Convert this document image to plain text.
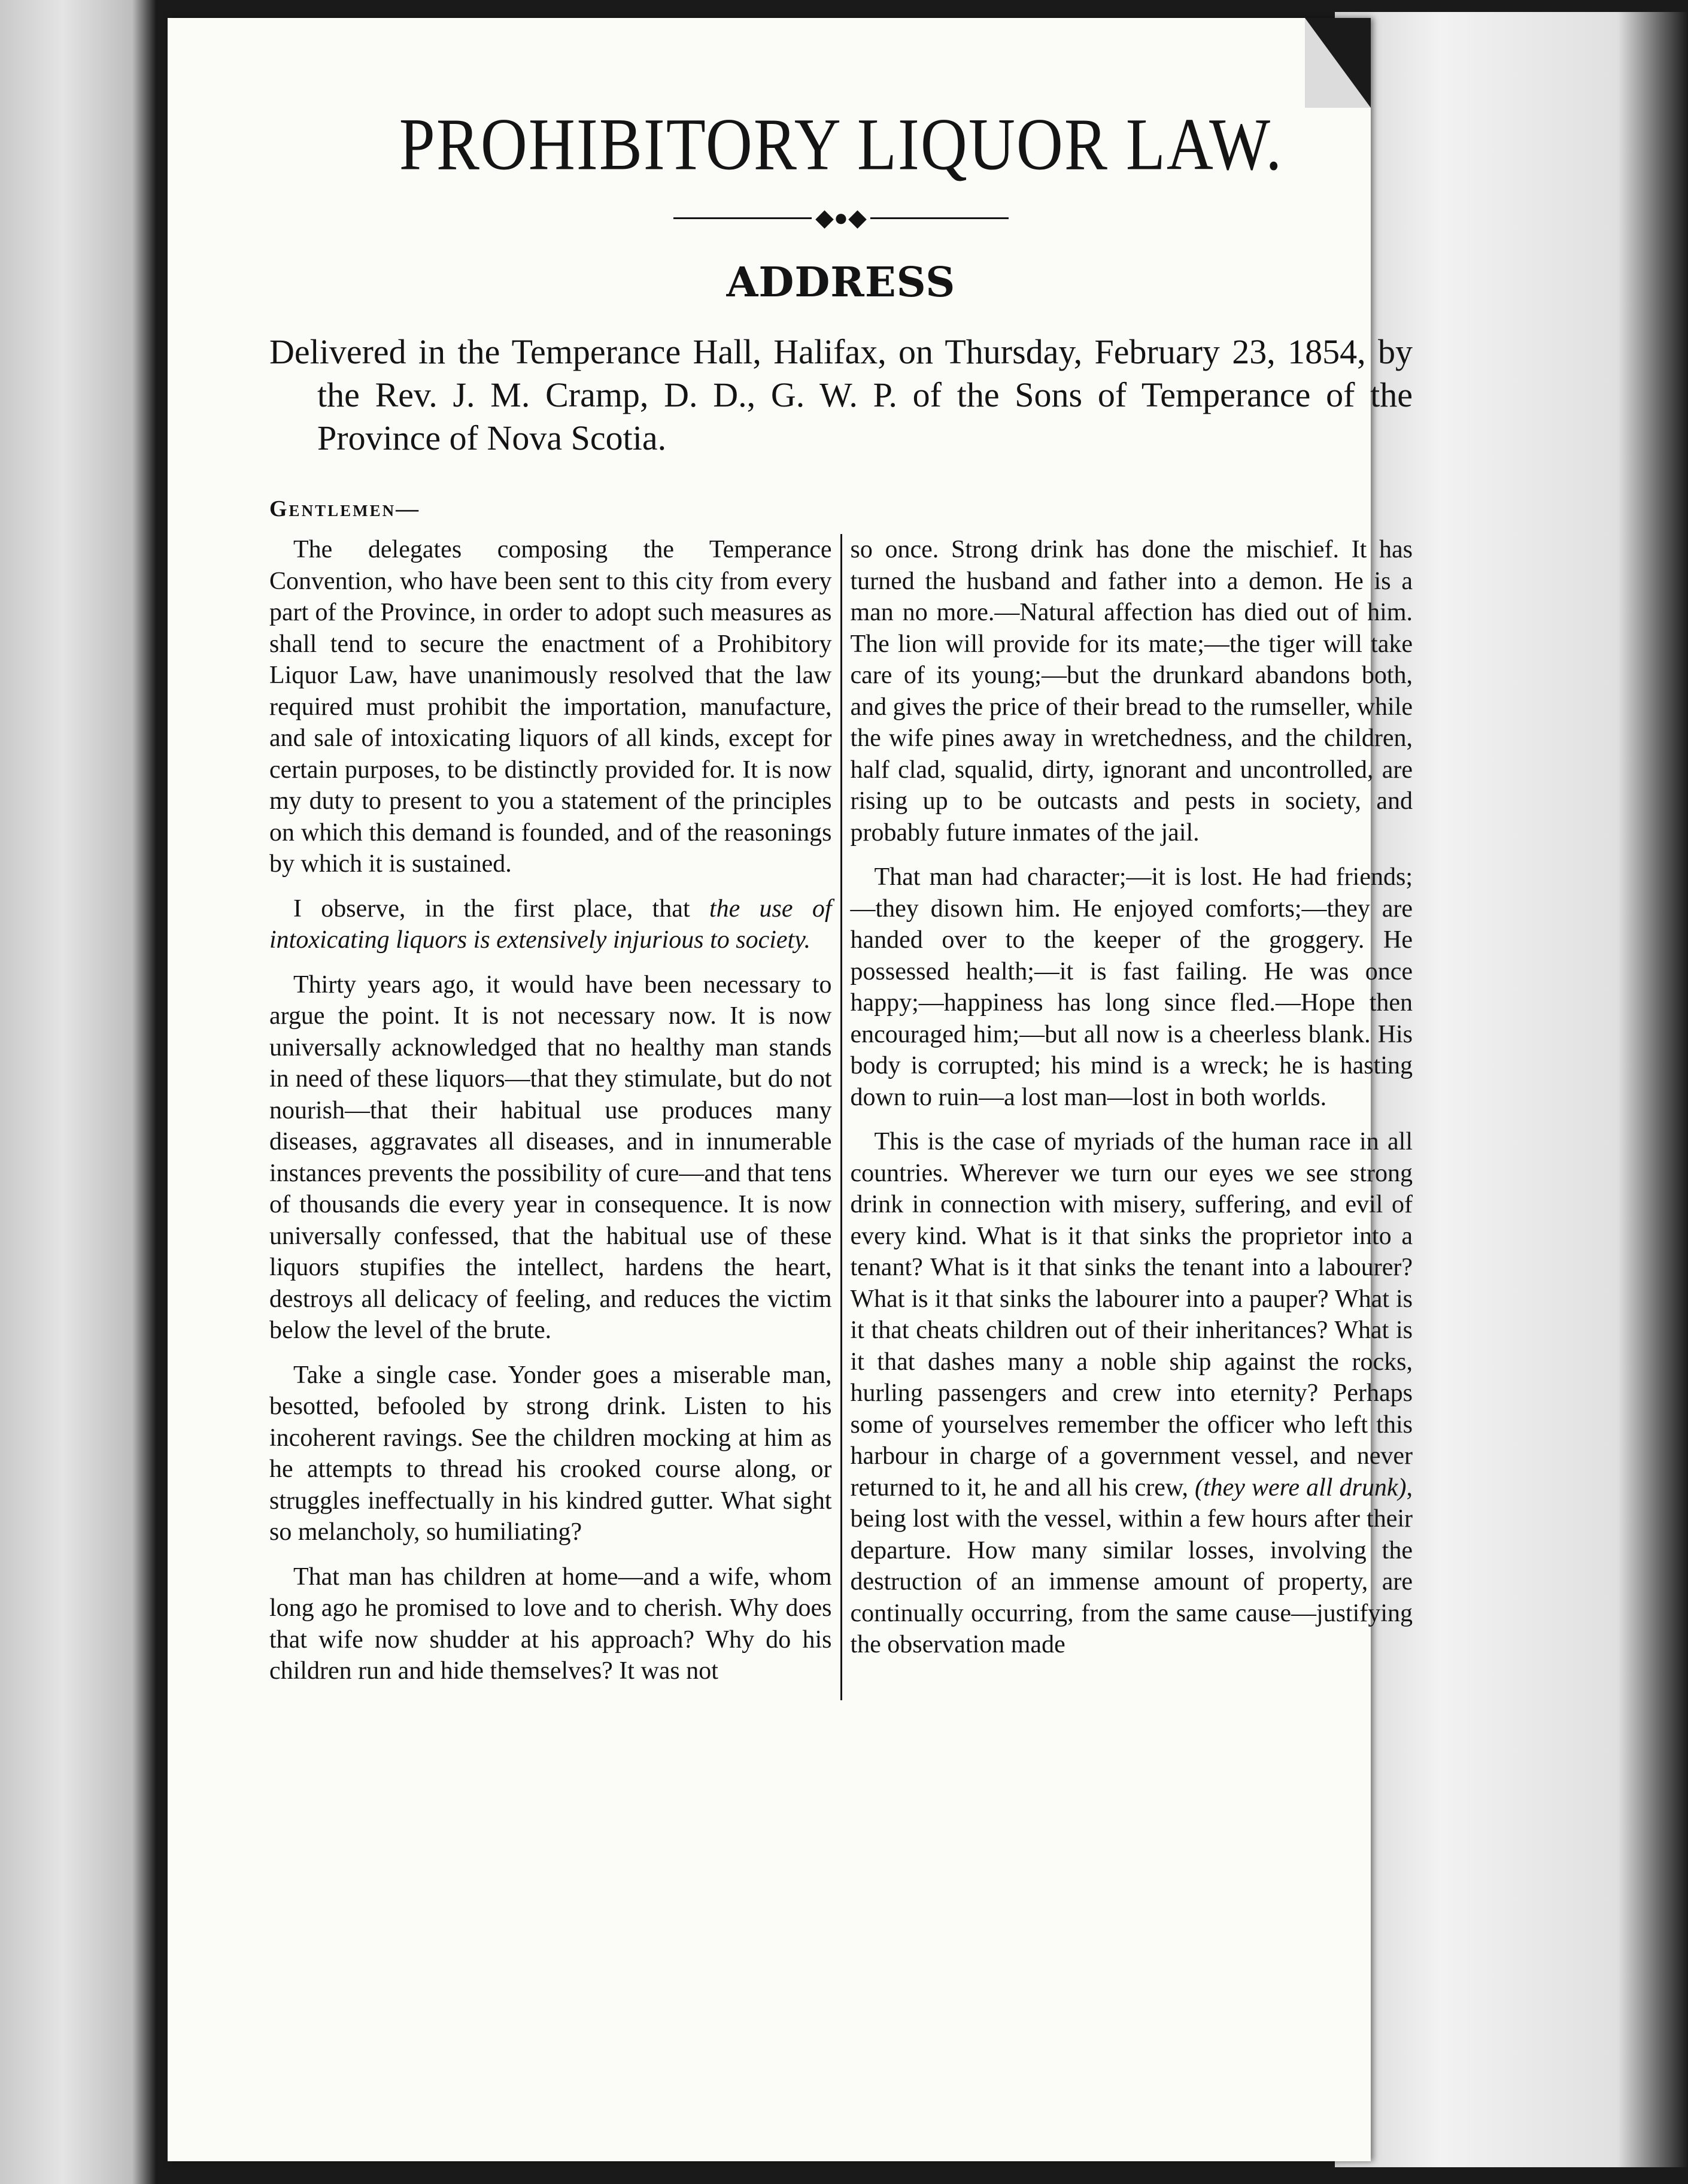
PROHIBITORY LIQUOR LAW.
◆●◆
ADDRESS

Delivered in the Temperance Hall, Halifax, on Thursday, February 23, 1854, by the Rev. J. M. Cramp, D. D., G. W. P. of the Sons of Temperance of the Province of Nova Scotia.

Gentlemen—

The delegates composing the Temperance Convention, who have been sent to this city from every part of the Province, in order to adopt such measures as shall tend to secure the enactment of a Prohibitory Liquor Law, have unanimously resolved that the law required must prohibit the importation, manufacture, and sale of intoxicating liquors of all kinds, except for certain purposes, to be distinctly provided for. It is now my duty to present to you a statement of the principles on which this demand is founded, and of the reasonings by which it is sustained.

I observe, in the first place, that the use of intoxicating liquors is extensively injurious to society.

Thirty years ago, it would have been necessary to argue the point. It is not necessary now. It is now universally acknowledged that no healthy man stands in need of these liquors—that they stimulate, but do not nourish—that their habitual use produces many diseases, aggravates all diseases, and in innumerable instances prevents the possibility of cure—and that tens of thousands die every year in consequence. It is now universally confessed, that the habitual use of these liquors stupifies the intellect, hardens the heart, destroys all delicacy of feeling, and reduces the victim below the level of the brute.

Take a single case. Yonder goes a miserable man, besotted, befooled by strong drink. Listen to his incoherent ravings. See the children mocking at him as he attempts to thread his crooked course along, or struggles ineffectually in his kindred gutter. What sight so melancholy, so humiliating?

That man has children at home—and a wife, whom long ago he promised to love and to cherish. Why does that wife now shudder at his approach? Why do his children run and hide themselves? It was not

so once. Strong drink has done the mischief. It has turned the husband and father into a demon. He is a man no more.—Natural affection has died out of him. The lion will provide for its mate;—the tiger will take care of its young;—but the drunkard abandons both, and gives the price of their bread to the rumseller, while the wife pines away in wretchedness, and the children, half clad, squalid, dirty, ignorant and uncontrolled, are rising up to be outcasts and pests in society, and probably future inmates of the jail.

That man had character;—it is lost. He had friends;—they disown him. He enjoyed comforts;—they are handed over to the keeper of the groggery. He possessed health;—it is fast failing. He was once happy;—happiness has long since fled.—Hope then encouraged him;—but all now is a cheerless blank. His body is corrupted; his mind is a wreck; he is hasting down to ruin—a lost man—lost in both worlds.

This is the case of myriads of the human race in all countries. Wherever we turn our eyes we see strong drink in connection with misery, suffering, and evil of every kind. What is it that sinks the proprietor into a tenant? What is it that sinks the tenant into a labourer? What is it that sinks the labourer into a pauper? What is it that cheats children out of their inheritances? What is it that dashes many a noble ship against the rocks, hurling passengers and crew into eternity? Perhaps some of yourselves remember the officer who left this harbour in charge of a government vessel, and never returned to it, he and all his crew, (they were all drunk), being lost with the vessel, within a few hours after their departure. How many similar losses, involving the destruction of an immense amount of property, are continually occurring, from the same cause—justifying the observation made
